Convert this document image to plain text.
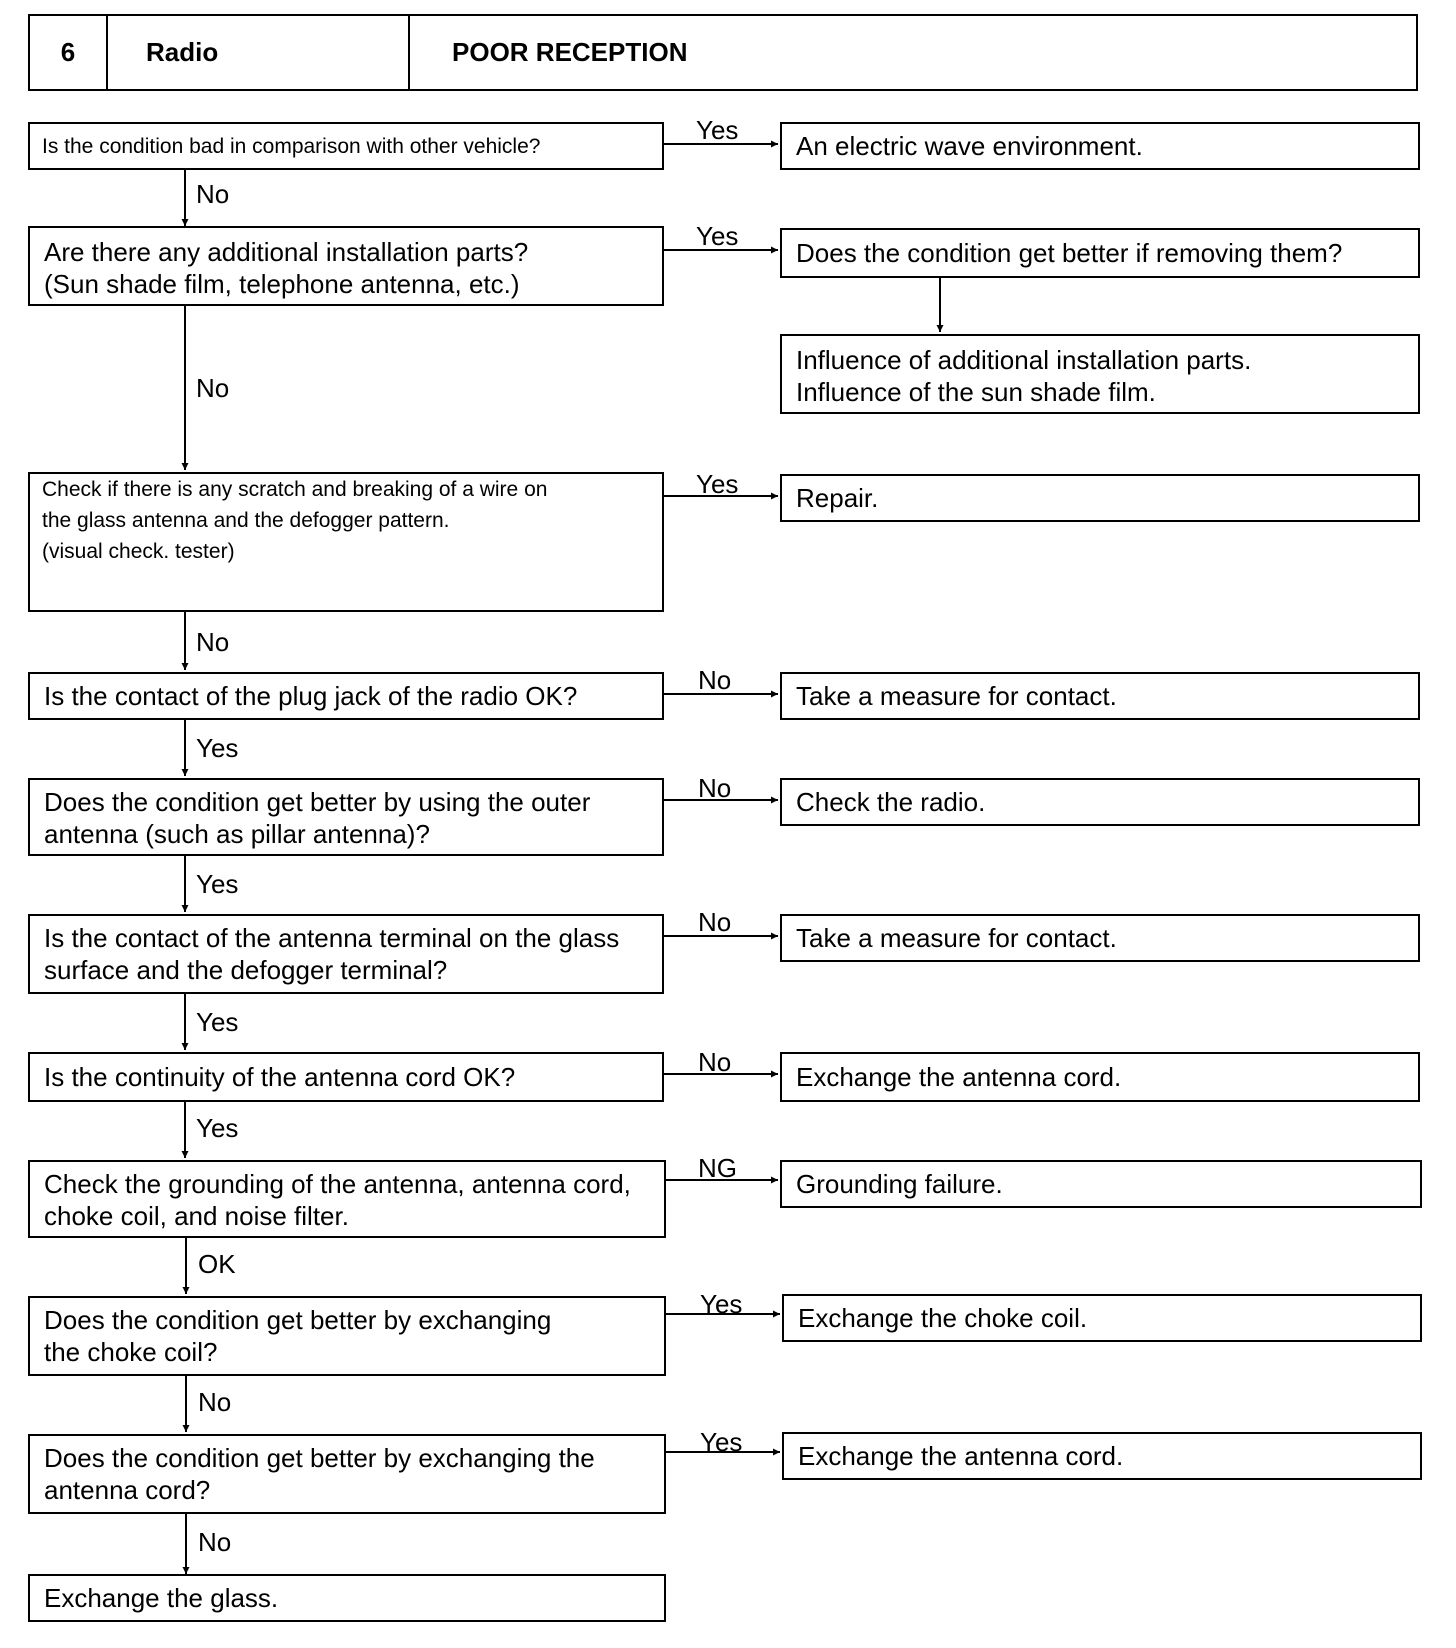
6	Radio	POOR RECEPTION
Is the condition bad in comparison with other vehicle?
Yes
An electric wave environment.
No
Are there any additional installation parts?
(Sun shade film, telephone antenna, etc.)
Yes
Does the condition get better if removing them?
Influence of additional installation parts.
Influence of the sun shade film.
No
Check if there is any scratch and breaking of a wire on
the glass antenna and the defogger pattern.
(visual check. tester)
Yes	Repair.
No
Is the contact of the plug jack of the radio OK?
No
Take a measure for contact.
Yes
Does the condition get better by using the outer
antenna (such as pillar antenna)?
No	Check the radio.
Yes
Is the contact of the antenna terminal on the glass
surface and the defogger terminal?
No
Take a measure for contact.
Yes
Is the continuity of the antenna cord OK?	No	Exchange the antenna cord.
Yes
Check the grounding of the antenna, antenna cord,
choke coil, and noise filter.
NG
Grounding failure.
OK
Does the condition get better by exchanging
the choke coil?
Yes	Exchange the choke coil.
No
Does the condition get better by exchanging the
antenna cord?
Yes	Exchange the antenna cord.
No
Exchange the glass.
